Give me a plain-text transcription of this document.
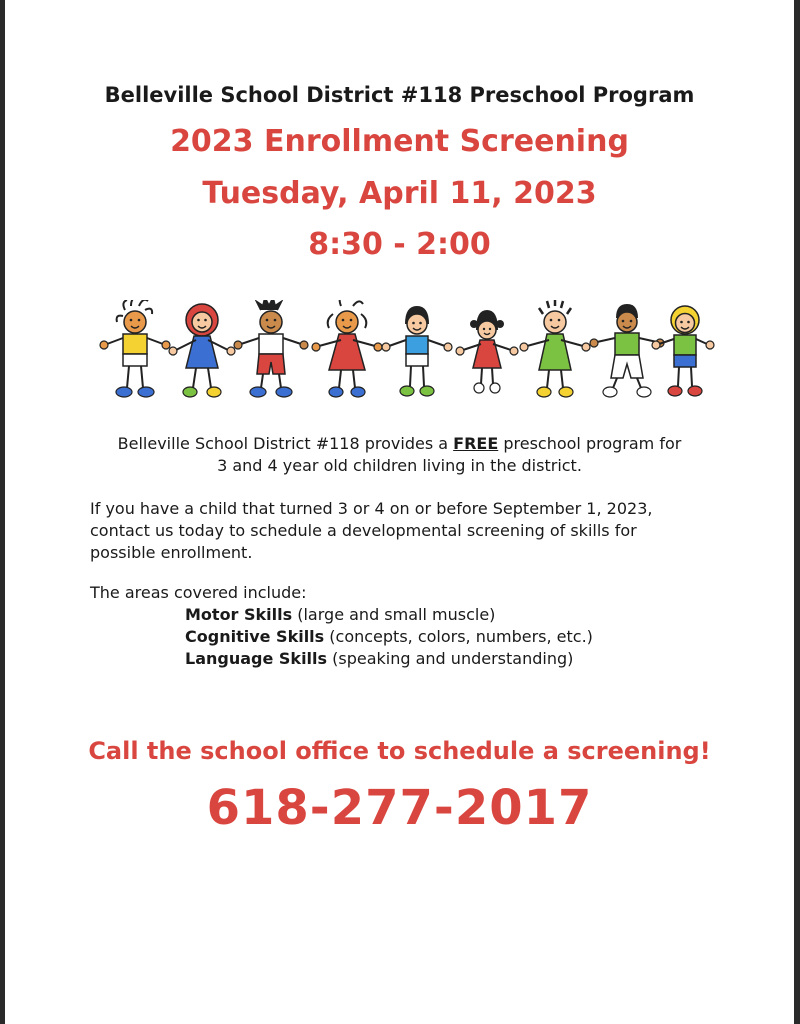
Belleville School District #118 Preschool Program
2023 Enrollment Screening
Tuesday, April 11, 2023
8:30 - 2:00
Belleville School District #118 provides a FREE preschool program for
3 and 4 year old children living in the district.
If you have a child that turned 3 or 4 on or before September 1, 2023,
contact us today to schedule a developmental screening of skills for
possible enrollment.
The areas covered include:
Motor Skills (large and small muscle)
Cognitive Skills (concepts, colors, numbers, etc.)
Language Skills (speaking and understanding)
Call the school office to schedule a screening!
618-277-2017
